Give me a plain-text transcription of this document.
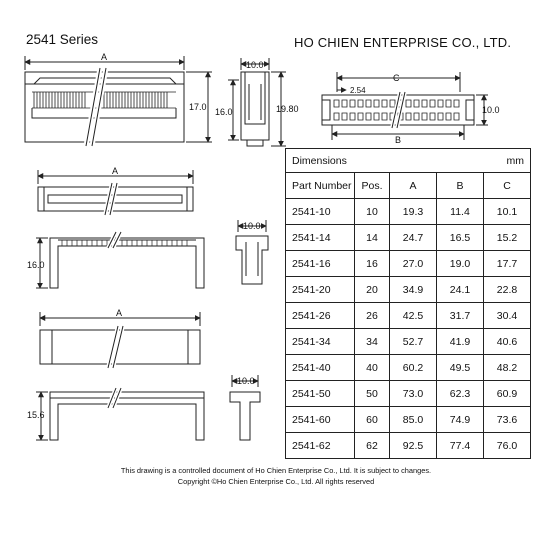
2541 Series	HO CHIEN ENTERPRISE CO., LTD.
A
17.0
10.0
16.0	19.80
C
2.54
B
10.0
A
16.0
10.0
A
15.6
10.0
Dimensions mm				

Part Number	Pos.	A	B	C
2541-10	10	19.3	11.4	10.1
2541-14	14	24.7	16.5	15.2
2541-16	16	27.0	19.0	17.7
2541-20	20	34.9	24.1	22.8
2541-26	26	42.5	31.7	30.4
2541-34	34	52.7	41.9	40.6
2541-40	40	60.2	49.5	48.2
2541-50	50	73.0	62.3	60.9
2541-60	60	85.0	74.9	73.6
2541-62	62	92.5	77.4	76.0
This drawing is a controlled document of Ho Chien Enterprise Co., Ltd. It is subject to changes.
Copyright ©Ho Chien Enterprise Co., Ltd. All rights reserved
